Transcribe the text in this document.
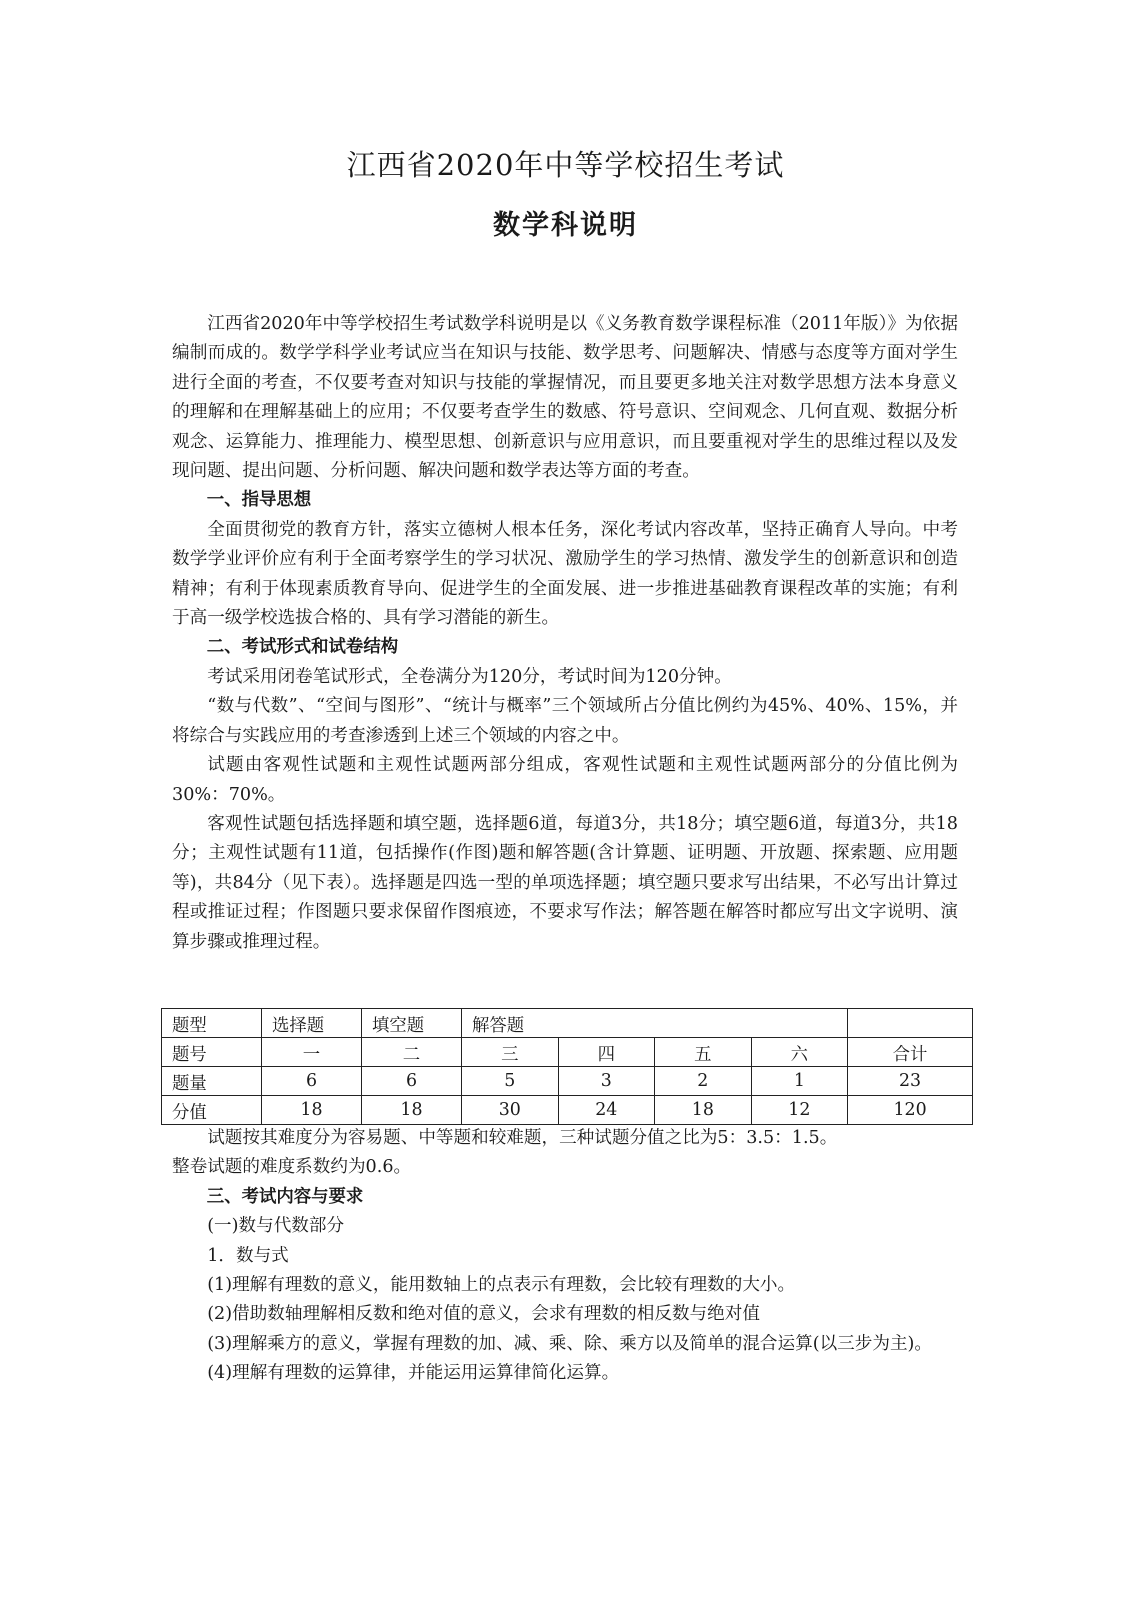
江西省2020年中等学校招生考试
数学科说明

江西省2020年中等学校招生考试数学科说明是以《义务教育数学课程标准（2011年版）》为依据编制而成的。数学学科学业考试应当在知识与技能、数学思考、问题解决、情感与态度等方面对学生进行全面的考查，不仅要考查对知识与技能的掌握情况，而且要更多地关注对数学思想方法本身意义的理解和在理解基础上的应用；不仅要考查学生的数感、符号意识、空间观念、几何直观、数据分析观念、运算能力、推理能力、模型思想、创新意识与应用意识，而且要重视对学生的思维过程以及发现问题、提出问题、分析问题、解决问题和数学表达等方面的考查。

一、指导思想

全面贯彻党的教育方针，落实立德树人根本任务，深化考试内容改革，坚持正确育人导向。中考数学学业评价应有利于全面考察学生的学习状况、激励学生的学习热情、激发学生的创新意识和创造精神；有利于体现素质教育导向、促进学生的全面发展、进一步推进基础教育课程改革的实施；有利于高一级学校选拔合格的、具有学习潜能的新生。

二、考试形式和试卷结构

考试采用闭卷笔试形式，全卷满分为120分，考试时间为120分钟。

“数与代数”、“空间与图形”、“统计与概率”三个领域所占分值比例约为45%、40%、15%，并将综合与实践应用的考查渗透到上述三个领域的内容之中。

试题由客观性试题和主观性试题两部分组成，客观性试题和主观性试题两部分的分值比例为30%：70%。

客观性试题包括选择题和填空题，选择题6道，每道3分，共18分；填空题6道，每道3分，共18分；主观性试题有11道，包括操作(作图)题和解答题(含计算题、证明题、开放题、探索题、应用题等)，共84分（见下表）。选择题是四选一型的单项选择题；填空题只要求写出结果，不必写出计算过程或推证过程；作图题只要求保留作图痕迹，不要求写作法；解答题在解答时都应写出文字说明、演算步骤或推理过程。

题型	选择题	填空题	解答题				
题号	一	二	三	四	五	六	合计
题量	6	6	5	3	2	1	23
分值	18	18	30	24	18	12	120

试题按其难度分为容易题、中等题和较难题，三种试题分值之比为5：3.5：1.5。

整卷试题的难度系数约为0.6。

三、考试内容与要求

(一)数与代数部分

1．数与式

(1)理解有理数的意义，能用数轴上的点表示有理数，会比较有理数的大小。

(2)借助数轴理解相反数和绝对值的意义，会求有理数的相反数与绝对值

(3)理解乘方的意义，掌握有理数的加、减、乘、除、乘方以及简单的混合运算(以三步为主)。

(4)理解有理数的运算律，并能运用运算律简化运算。
